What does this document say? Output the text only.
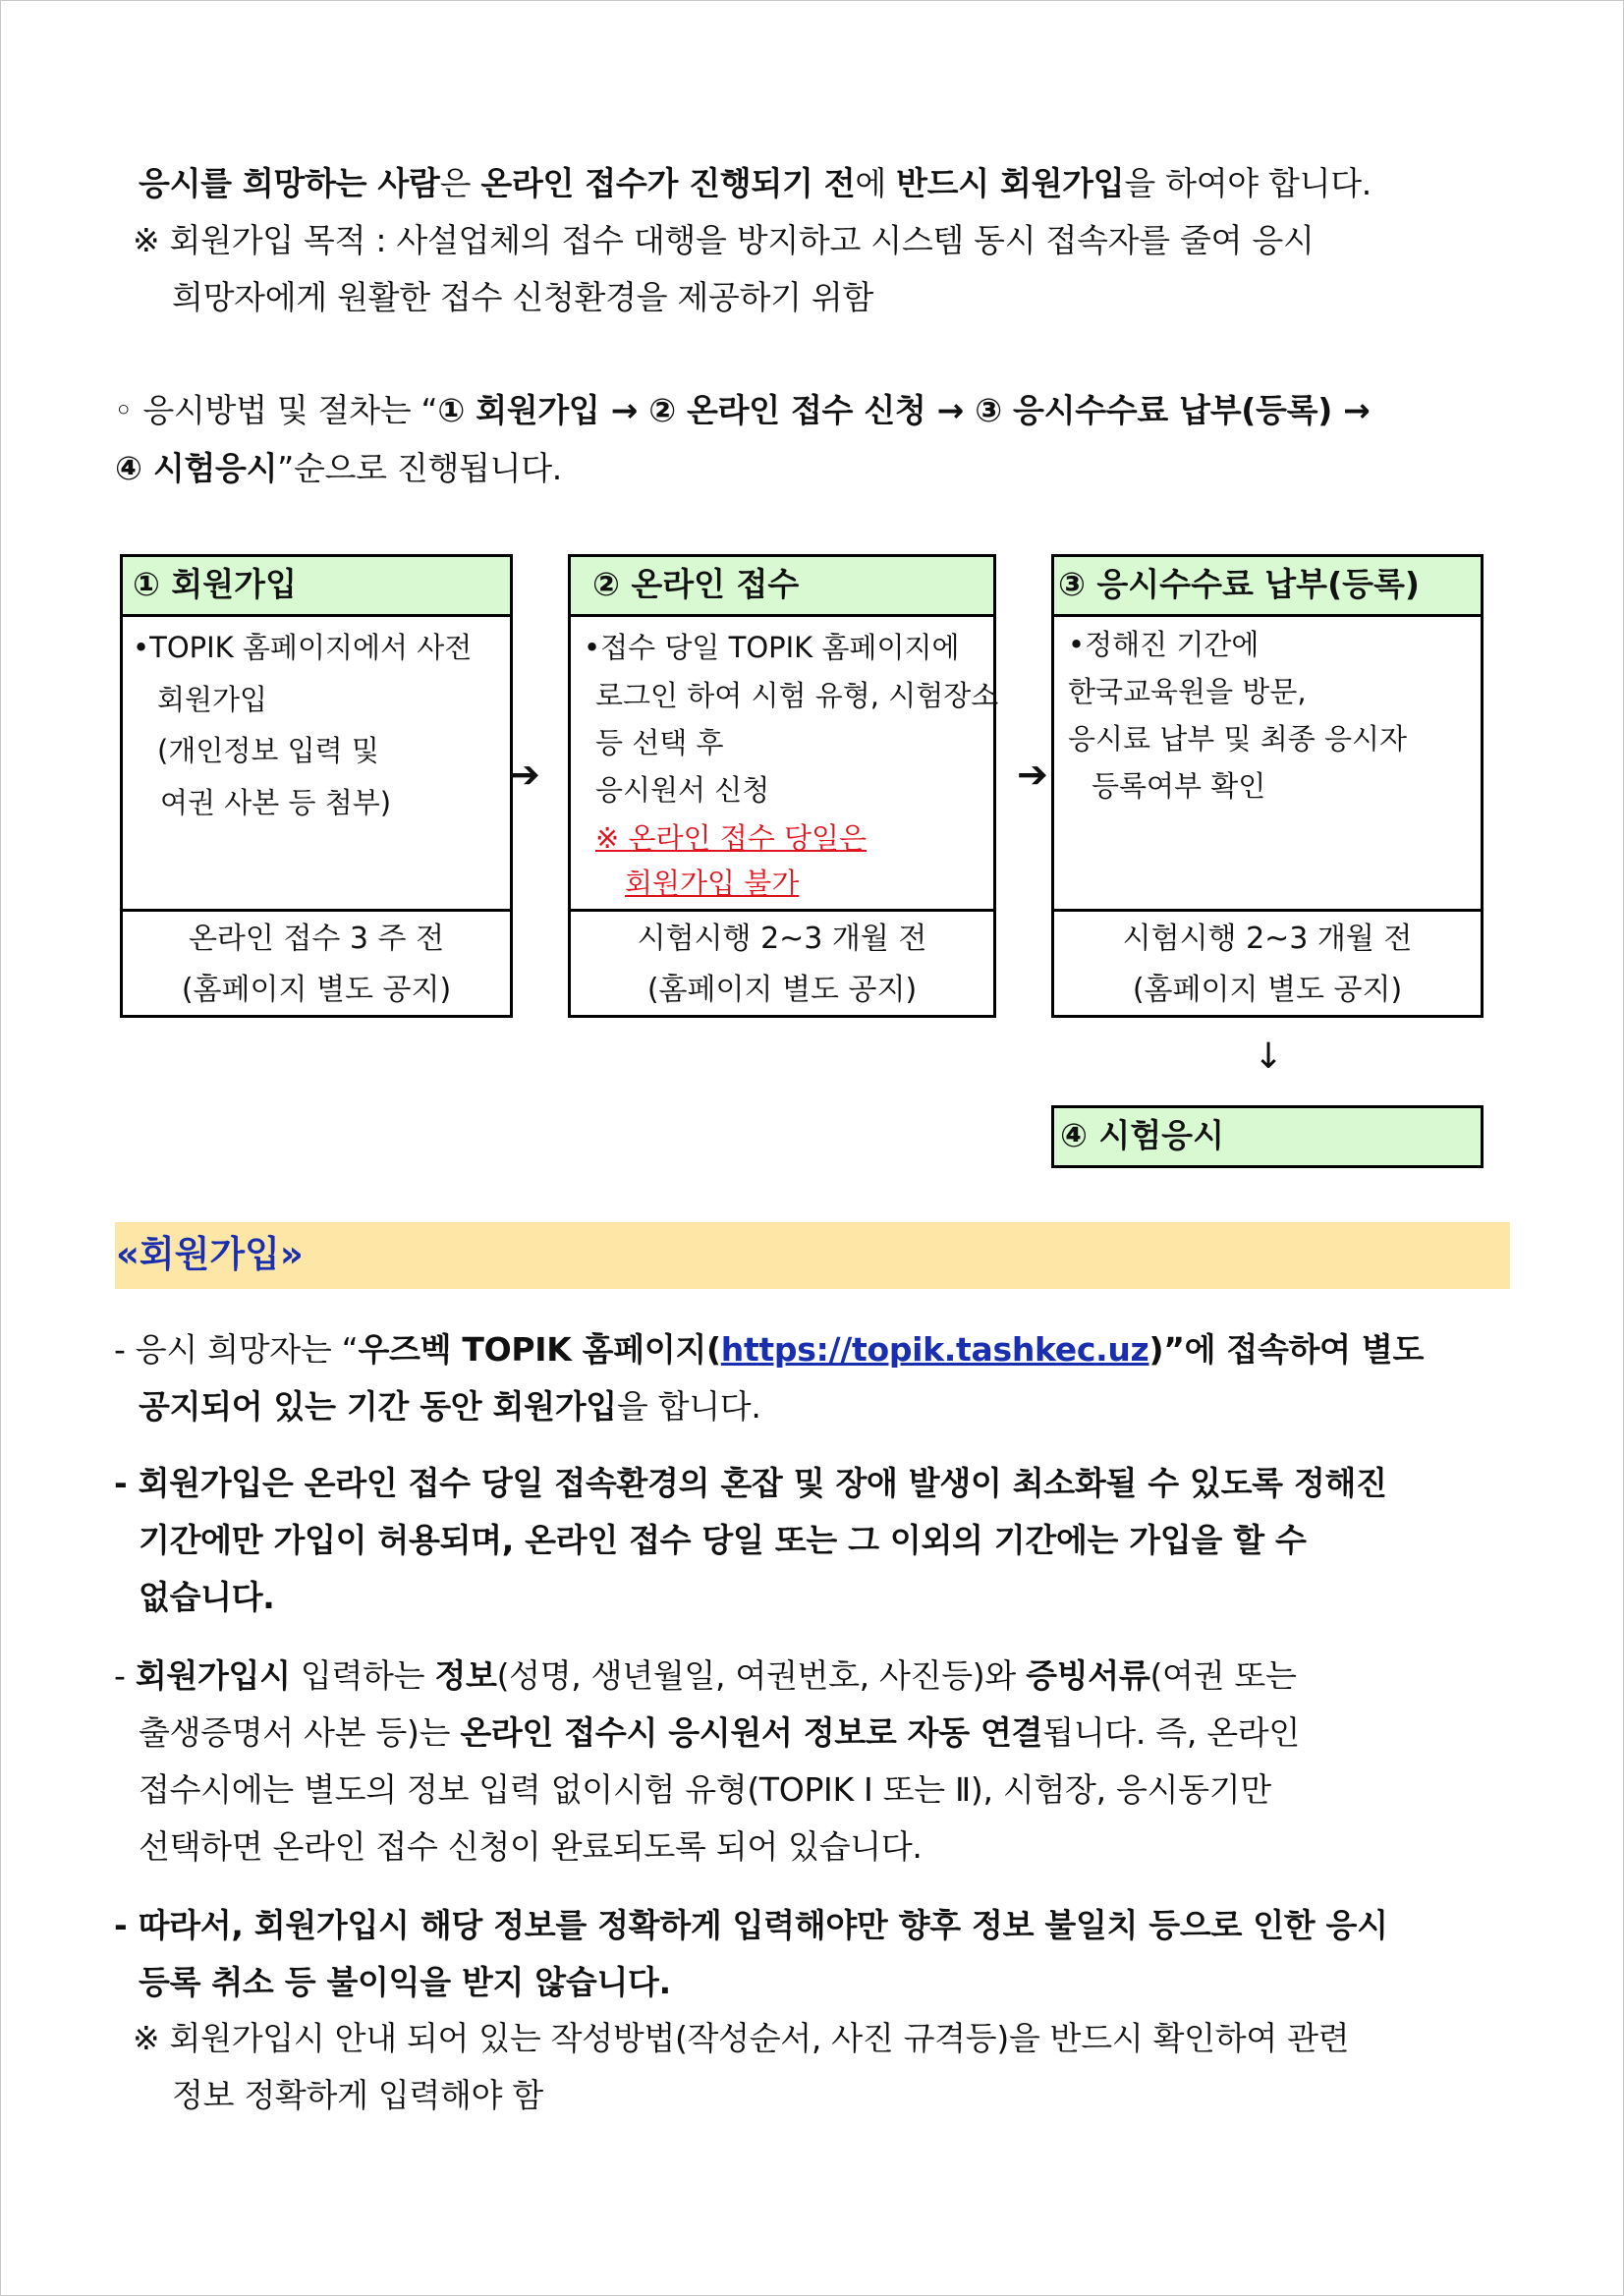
응시를 희망하는 사람은 온라인 접수가 진행되기 전에 반드시 회원가입을 하여야 합니다.
※ 회원가입 목적 : 사설업체의 접수 대행을 방지하고 시스템 동시 접속자를 줄여 응시
희망자에게 원활한 접수 신청환경을 제공하기 위함
◦ 응시방법 및 절차는 “① 회원가입 → ② 온라인 접수 신청 → ③ 응시수수료 납부(등록) →
④ 시험응시”순으로 진행됩니다.
① 회원가입
•TOPIK 홈페이지에서 사전
회원가입
(개인정보 입력 및
여권 사본 등 첨부)
온라인 접수 3 주 전
(홈페이지 별도 공지)
➔
② 온라인 접수
•접수 당일 TOPIK 홈페이지에
로그인 하여 시험 유형, 시험장소
등 선택 후
응시원서 신청
※ 온라인 접수 당일은
회원가입 불가
시험시행 2~3 개월 전
(홈페이지 별도 공지)
➔
③ 응시수수료 납부(등록)
•정해진 기간에
한국교육원을 방문,
응시료 납부 및 최종 응시자
등록여부 확인
시험시행 2~3 개월 전
(홈페이지 별도 공지)
↓
④ 시험응시
«회원가입»
- 응시 희망자는 “우즈벡 TOPIK 홈페이지(https://topik.tashkec.uz)”에 접속하여 별도
공지되어 있는 기간 동안 회원가입을 합니다.
- 회원가입은 온라인 접수 당일 접속환경의 혼잡 및 장애 발생이 최소화될 수 있도록 정해진
기간에만 가입이 허용되며, 온라인 접수 당일 또는 그 이외의 기간에는 가입을 할 수
없습니다.
- 회원가입시 입력하는 정보(성명, 생년월일, 여권번호, 사진등)와 증빙서류(여권 또는
출생증명서 사본 등)는 온라인 접수시 응시원서 정보로 자동 연결됩니다. 즉, 온라인
접수시에는 별도의 정보 입력 없이시험 유형(TOPIK Ⅰ 또는 Ⅱ), 시험장, 응시동기만
선택하면 온라인 접수 신청이 완료되도록 되어 있습니다.
- 따라서, 회원가입시 해당 정보를 정확하게 입력해야만 향후 정보 불일치 등으로 인한 응시
등록 취소 등 불이익을 받지 않습니다.
※ 회원가입시 안내 되어 있는 작성방법(작성순서, 사진 규격등)을 반드시 확인하여 관련
정보 정확하게 입력해야 함
